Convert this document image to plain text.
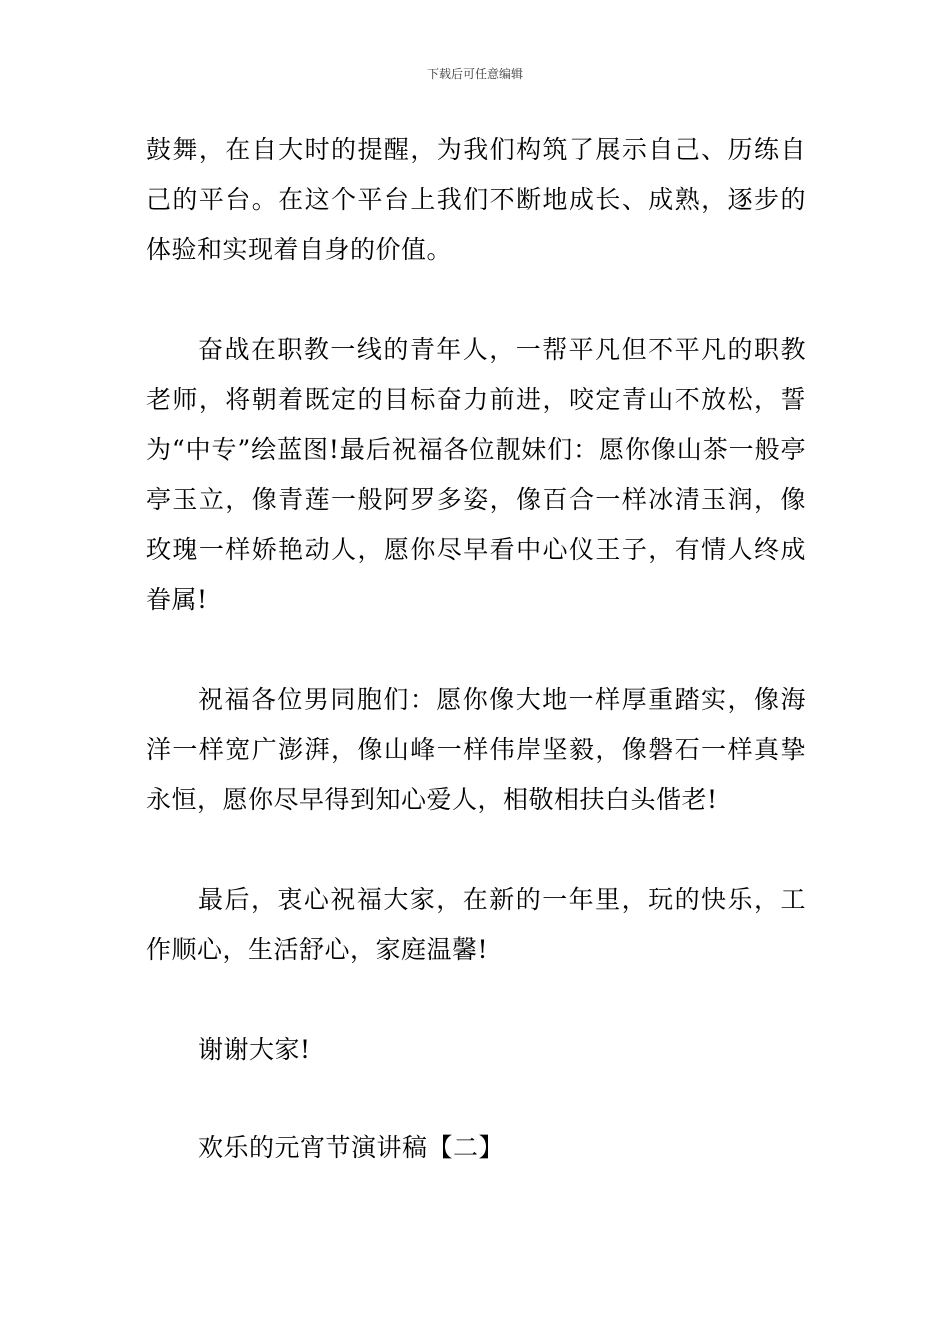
下载后可任意编辑

鼓舞，在自大时的提醒，为我们构筑了展示自己、历练自己的平台。在这个平台上我们不断地成长、成熟，逐步的体验和实现着自身的价值。

奋战在职教一线的青年人，一帮平凡但不平凡的职教老师，将朝着既定的目标奋力前进，咬定青山不放松，誓为“中专”绘蓝图!最后祝福各位靓妹们：愿你像山茶一般亭亭玉立，像青莲一般阿罗多姿，像百合一样冰清玉润，像玫瑰一样娇艳动人，愿你尽早看中心仪王子，有情人终成眷属!

祝福各位男同胞们：愿你像大地一样厚重踏实，像海洋一样宽广澎湃，像山峰一样伟岸坚毅，像磐石一样真挚永恒，愿你尽早得到知心爱人，相敬相扶白头偕老!

最后，衷心祝福大家，在新的一年里，玩的快乐，工作顺心，生活舒心，家庭温馨!

谢谢大家!

欢乐的元宵节演讲稿【二】
